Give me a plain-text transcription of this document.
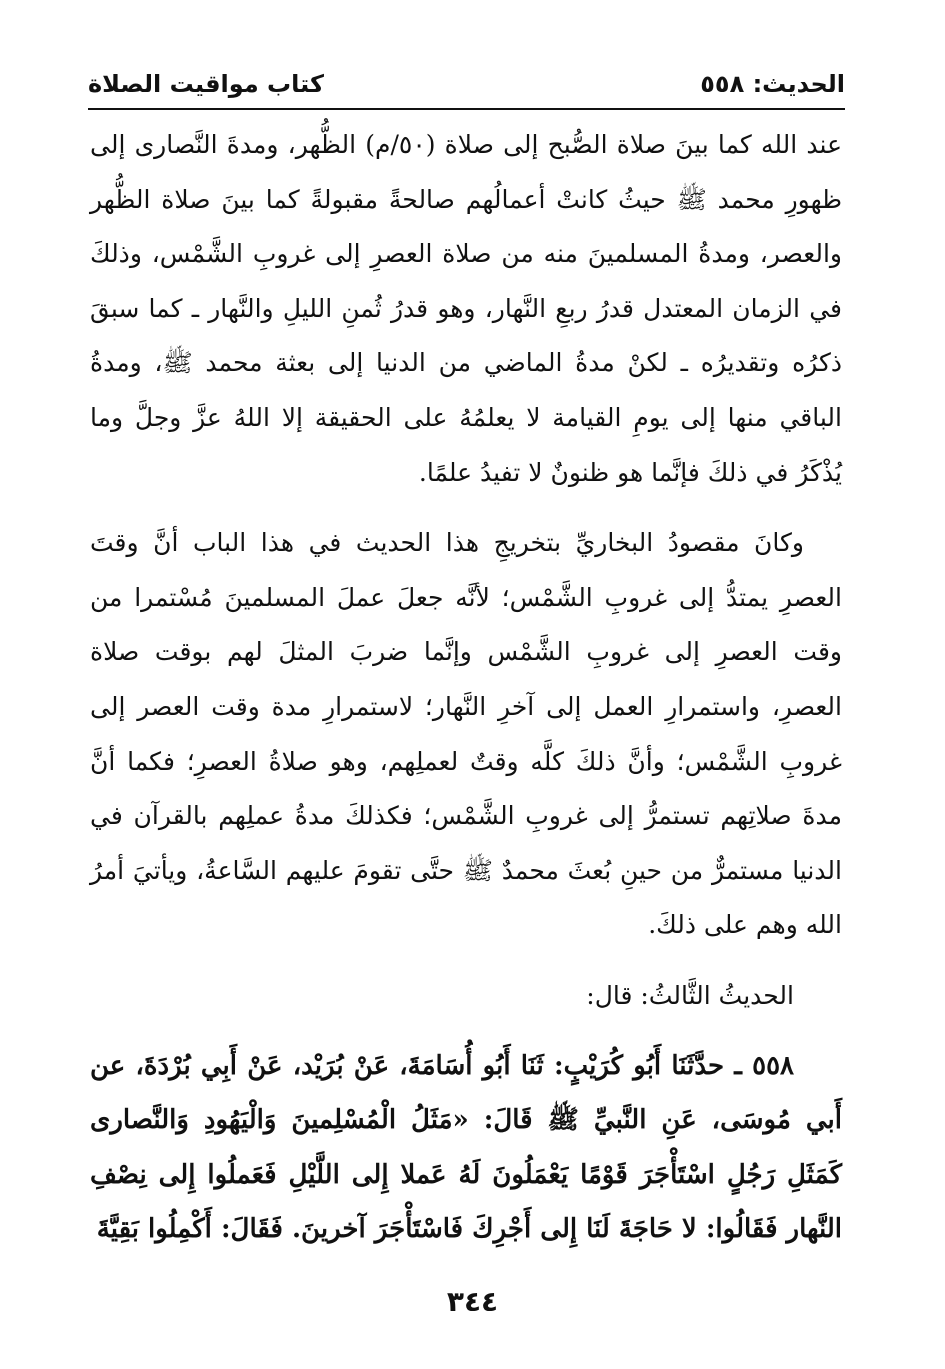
الحديث: ٥٥٨
كتاب مواقيت الصلاة

عند الله كما بينَ صلاة الصُّبح إلى صلاة (٥٠/م) الظُّهر، ومدةَ النَّصارى إلى ظهورِ محمد ﷺ حيثُ كانتْ أعمالُهم صالحةً مقبولةً كما بينَ صلاة الظُّهر والعصر، ومدةُ المسلمينَ منه من صلاة العصرِ إلى غروبِ الشَّمْس، وذلكَ في الزمان المعتدل قدرُ ربعِ النَّهار، وهو قدرُ ثُمنِ الليلِ والنَّهار ـ كما سبقَ ذكرُه وتقديرُه ـ لكنْ مدةُ الماضي من الدنيا إلى بعثة محمد ﷺ، ومدةُ الباقي منها إلى يومِ القيامة لا يعلمُهُ على الحقيقة إلا اللهُ عزَّ وجلَّ وما يُذْكَرُ في ذلكَ فإنَّما هو ظنونٌ لا تفيدُ علمًا.

وكانَ مقصودُ البخاريِّ بتخريجِ هذا الحديث في هذا الباب أنَّ وقتَ العصرِ يمتدُّ إلى غروبِ الشَّمْس؛ لأنَّه جعلَ عملَ المسلمينَ مُسْتمرا من وقت العصرِ إلى غروبِ الشَّمْس وإنَّما ضربَ المثلَ لهم بوقت صلاة العصرِ، واستمرارِ العمل إلى آخرِ النَّهار؛ لاستمرارِ مدة وقت العصر إلى غروبِ الشَّمْس؛ وأنَّ ذلكَ كلَّه وقتٌ لعملِهم، وهو صلاةُ العصرِ؛ فكما أنَّ مدةَ صلاتِهم تستمرُّ إلى غروبِ الشَّمْس؛ فكذلكَ مدةُ عملِهم بالقرآن في الدنيا مستمرٌّ من حينِ بُعثَ محمدٌ ﷺ حتَّى تقومَ عليهم السَّاعةُ، ويأتيَ أمرُ الله وهم على ذلكَ.

الحديثُ الثَّالثُ: قال:

٥٥٨ ـ حدَّثَنَا أَبُو كُرَيْبٍ: ثَنَا أَبُو أُسَامَةَ، عَنْ بُرَيْد، عَنْ أَبِي بُرْدَةَ، عن أَبي مُوسَى، عَنِ النَّبيِّ ﷺ قَالَ: «مَثَلُ الْمُسْلِمينَ وَالْيَهُودِ وَالنَّصارى كَمَثَلِ رَجُلٍ اسْتَأْجَرَ قَوْمًا يَعْمَلُونَ لَهُ عَملا إِلى اللَّيْلِ فَعَملُوا إِلى نِصْفِ النَّهار فَقَالُوا: لا حَاجَةَ لَنَا إِلى أَجْرِكَ فَاسْتَأْجَرَ آخرينَ. فَقَالَ: أَكْمِلُوا بَقِيَّةَ

٣٤٤
